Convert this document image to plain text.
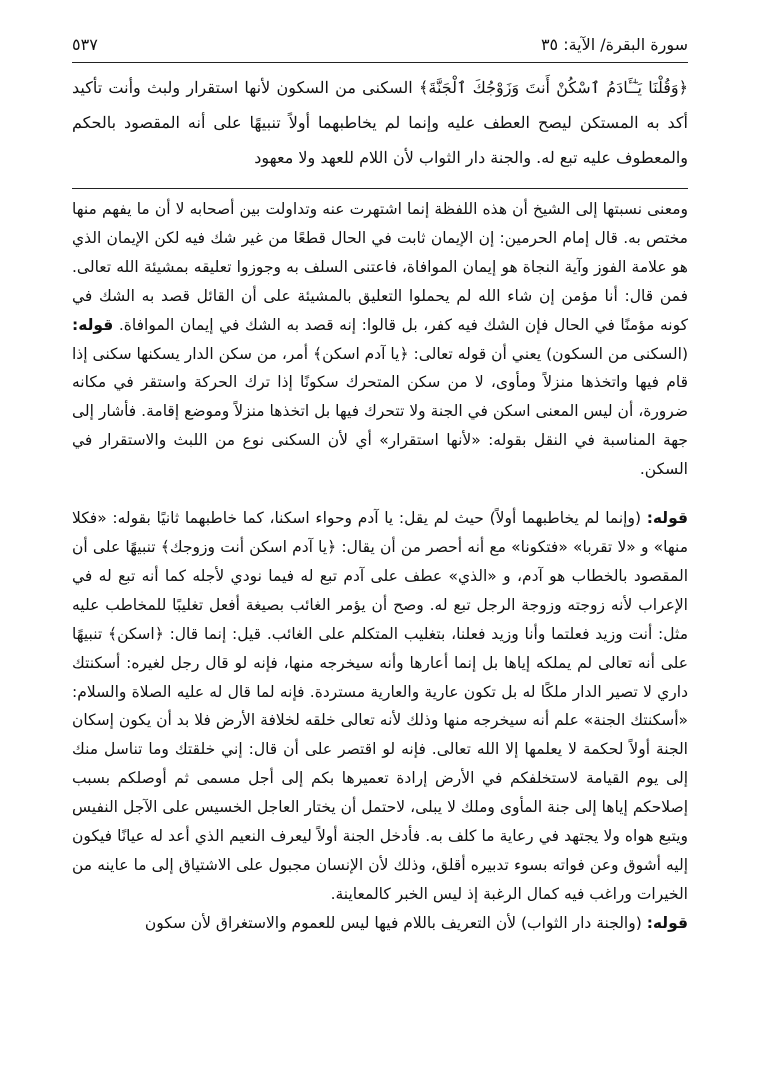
سورة البقرة/ الآية: ٣٥
٥٣٧
﴿وَقُلْنَا يَـٰٓـَٔادَمُ ٱسْكُنْ أَنتَ وَزَوْجُكَ ٱلْجَنَّةَ﴾ السكنى من السكون لأنها استقرار ولبث وأنت تأكيد أكد به المستكن ليصح العطف عليه وإنما لم يخاطبهما أولاً تنبيهًا على أنه المقصود بالحكم والمعطوف عليه تبع له. والجنة دار الثواب لأن اللام للعهد ولا معهود

ومعنى نسبتها إلى الشيخ أن هذه اللفظة إنما اشتهرت عنه وتداولت بين أصحابه لا أن ما يفهم منها مختص به. قال إمام الحرمين: إن الإيمان ثابت في الحال قطعًا من غير شك فيه لكن الإيمان الذي هو علامة الفوز وآية النجاة هو إيمان الموافاة، فاعتنى السلف به وجوزوا تعليقه بمشيئة الله تعالى. فمن قال: أنا مؤمن إن شاء الله لم يحملوا التعليق بالمشيئة على أن القائل قصد به الشك في كونه مؤمنًا في الحال فإن الشك فيه كفر، بل قالوا: إنه قصد به الشك في إيمان الموافاة. قوله: (السكنى من السكون) يعني أن قوله تعالى: ﴿يا آدم اسكن﴾ أمر، من سكن الدار يسكنها سكنى إذا قام فيها واتخذها منزلاً ومأوى، لا من سكن المتحرك سكونًا إذا ترك الحركة واستقر في مكانه ضرورة، أن ليس المعنى اسكن في الجنة ولا تتحرك فيها بل اتخذها منزلاً وموضع إقامة. فأشار إلى جهة المناسبة في النقل بقوله: «لأنها استقرار» أي لأن السكنى نوع من اللبث والاستقرار في السكن.

قوله: (وإنما لم يخاطبهما أولاً) حيث لم يقل: يا آدم وحواء اسكنا، كما خاطبهما ثانيًا بقوله: «فكلا منها» و «لا تقربا» «فتكونا» مع أنه أحصر من أن يقال: ﴿يا آدم اسكن أنت وزوجك﴾ تنبيهًا على أن المقصود بالخطاب هو آدم، و «الذي» عطف على آدم تبع له فيما نودي لأجله كما أنه تبع له في الإعراب لأنه زوجته وزوجة الرجل تبع له. وصح أن يؤمر الغائب بصيغة أفعل تغليبًا للمخاطب عليه مثل: أنت وزيد فعلتما وأنا وزيد فعلنا، بتغليب المتكلم على الغائب. قيل: إنما قال: ﴿اسكن﴾ تنبيهًا على أنه تعالى لم يملكه إياها بل إنما أعارها وأنه سيخرجه منها، فإنه لو قال رجل لغيره: أسكنتك داري لا تصير الدار ملكًا له بل تكون عارية والعارية مستردة. فإنه لما قال له عليه الصلاة والسلام: «أسكنتك الجنة» علم أنه سيخرجه منها وذلك لأنه تعالى خلقه لخلافة الأرض فلا بد أن يكون إسكان الجنة أولاً لحكمة لا يعلمها إلا الله تعالى. فإنه لو اقتصر على أن قال: إني خلقتك وما تناسل منك إلى يوم القيامة لاستخلفكم في الأرض إرادة تعميرها بكم إلى أجل مسمى ثم أوصلكم بسبب إصلاحكم إياها إلى جنة المأوى وملك لا يبلى، لاحتمل أن يختار العاجل الخسيس على الآجل النفيس ويتبع هواه ولا يجتهد في رعاية ما كلف به. فأدخل الجنة أولاً ليعرف النعيم الذي أعد له عيانًا فيكون إليه أشوق وعن فواته بسوء تدبيره أقلق، وذلك لأن الإنسان مجبول على الاشتياق إلى ما عاينه من الخيرات وراغب فيه كمال الرغبة إذ ليس الخبر كالمعاينة.

قوله: (والجنة دار الثواب) لأن التعريف باللام فيها ليس للعموم والاستغراق لأن سكون
